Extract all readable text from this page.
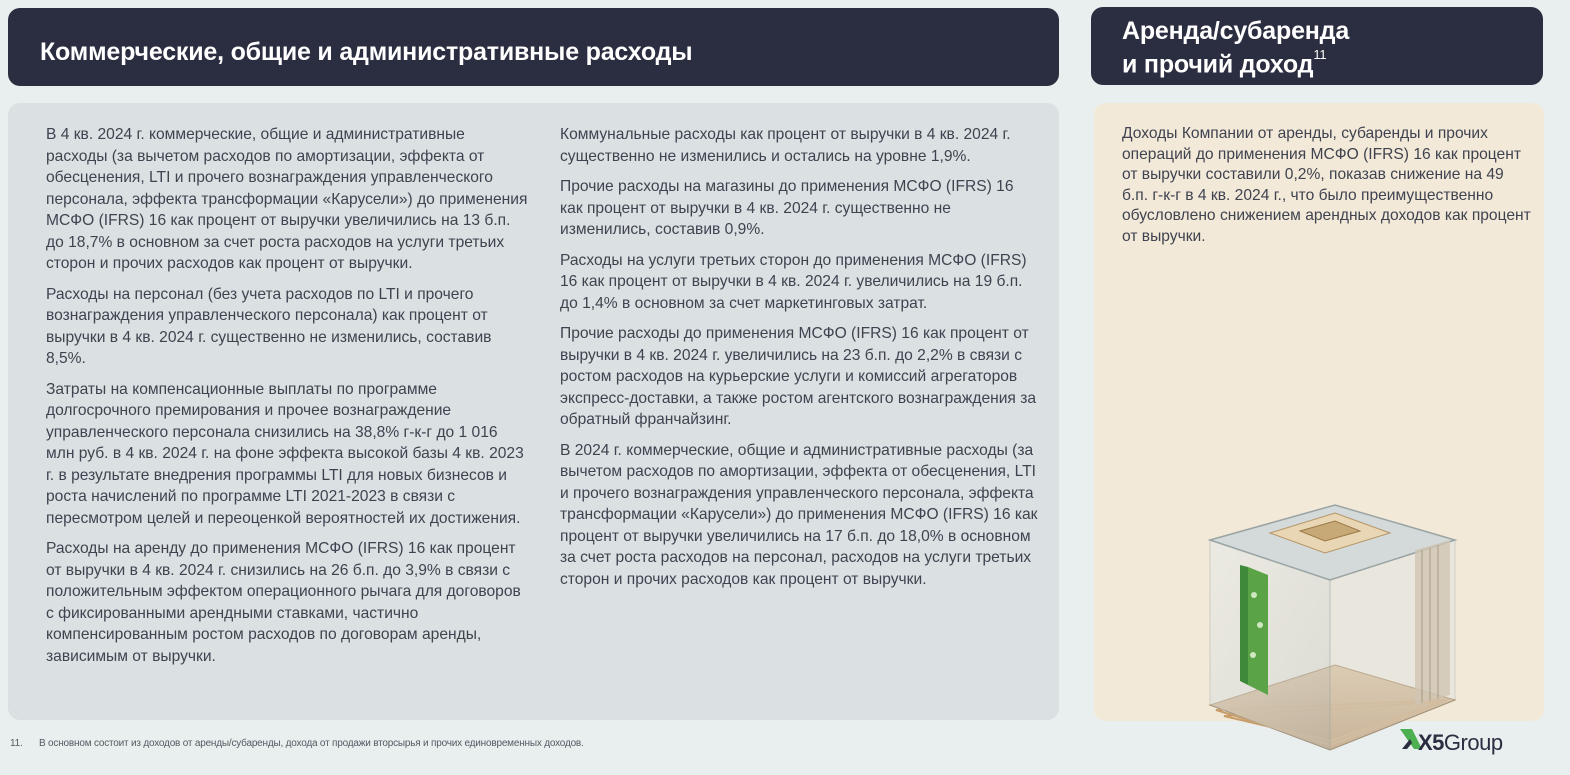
Коммерческие, общие и административные расходы
Аренда/субаренда
и прочий доход$^{11}$

В 4 кв. 2024 г. коммерческие, общие и административные расходы (за вычетом расходов по амортизации, эффекта от обесценения, LTI и прочего вознаграждения управленческого персонала, эффекта трансформации «Карусели») до применения МСФО (IFRS) 16 как процент от выручки увеличились на 13 б.п. до 18,7% в основном за счет роста расходов на услуги третьих сторон и прочих расходов как процент от выручки.

Расходы на персонал (без учета расходов по LTI и прочего вознаграждения управленческого персонала) как процент от выручки в 4 кв. 2024 г. существенно не изменились, составив 8,5%.

Затраты на компенсационные выплаты по программе долгосрочного премирования и прочее вознаграждение управленческого персонала снизились на 38,8% г-к-г до 1 016 млн руб. в 4 кв. 2024 г. на фоне эффекта высокой базы 4 кв. 2023 г. в результате внедрения программы LTI для новых бизнесов и роста начислений по программе LTI 2021-2023 в связи с пересмотром целей и переоценкой вероятностей их достижения.

Расходы на аренду до применения МСФО (IFRS) 16 как процент от выручки в 4 кв. 2024 г. снизились на 26 б.п. до 3,9% в связи с положительным эффектом операционного рычага для договоров с фиксированными арендными ставками, частично компенсированным ростом расходов по договорам аренды, зависимым от выручки.

Коммунальные расходы как процент от выручки в 4 кв. 2024 г. существенно не изменились и остались на уровне 1,9%.

Прочие расходы на магазины до применения МСФО (IFRS) 16 как процент от выручки в 4 кв. 2024 г. существенно не изменились, составив 0,9%.

Расходы на услуги третьих сторон до применения МСФО (IFRS) 16 как процент от выручки в 4 кв. 2024 г. увеличились на 19 б.п. до 1,4% в основном за счет маркетинговых затрат.

Прочие расходы до применения МСФО (IFRS) 16 как процент от выручки в 4 кв. 2024 г. увеличились на 23 б.п. до 2,2% в связи с ростом расходов на курьерские услуги и комиссий агрегаторов экспресс-доставки, а также ростом агентского вознаграждения за обратный франчайзинг.

В 2024 г. коммерческие, общие и административные расходы (за вычетом расходов по амортизации, эффекта от обесценения, LTI и прочего вознаграждения управленческого персонала, эффекта трансформации «Карусели») до применения МСФО (IFRS) 16 как процент от выручки увеличились на 17 б.п. до 18,0% в основном за счет роста расходов на персонал, расходов на услуги третьих сторон и прочих расходов как процент от выручки.

Доходы Компании от аренды, субаренды и прочих операций до применения МСФО (IFRS) 16 как процент от выручки составили 0,2%, показав снижение на 49 б.п. г-к-г в 4 кв. 2024 г., что было преимущественно обусловлено снижением арендных доходов как процент от выручки.

11. В основном состоит из доходов от аренды/субаренды, дохода от продажи вторсырья и прочих единовременных доходов.	X5Group
